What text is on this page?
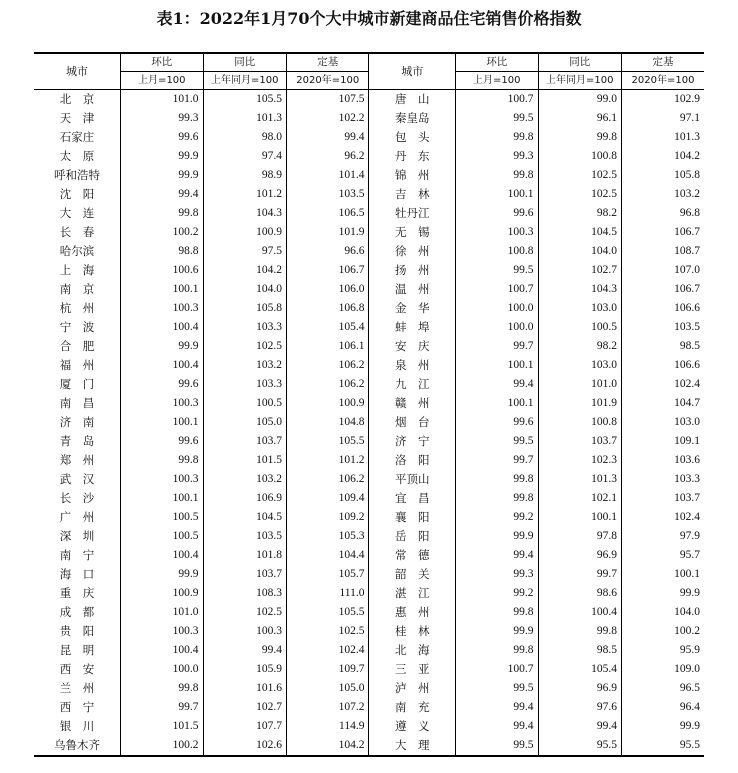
表1：2022年1月70个大中城市新建商品住宅销售价格指数
城市	环比	同比	定基	城市	环比	同比	定基
	上月=100	上年同月=100	2020年=100		上月=100	上年同月=100	2020年=100
北　京	101.0	105.5	107.5	唐　山	100.7	99.0	102.9
天　津	99.3	101.3	102.2	秦皇岛	99.5	96.1	97.1
石家庄	99.6	98.0	99.4	包　头	99.8	99.8	101.3
太　原	99.9	97.4	96.2	丹　东	99.3	100.8	104.2
呼和浩特	99.9	98.9	101.4	锦　州	99.8	102.5	105.8
沈　阳	99.4	101.2	103.5	吉　林	100.1	102.5	103.2
大　连	99.8	104.3	106.5	牡丹江	99.6	98.2	96.8
长　春	100.2	100.9	101.9	无　锡	100.3	104.5	106.7
哈尔滨	98.8	97.5	96.6	徐　州	100.8	104.0	108.7
上　海	100.6	104.2	106.7	扬　州	99.5	102.7	107.0
南　京	100.1	104.0	106.0	温　州	100.7	104.3	106.7
杭　州	100.3	105.8	106.8	金　华	100.0	103.0	106.6
宁　波	100.4	103.3	105.4	蚌　埠	100.0	100.5	103.5
合　肥	99.9	102.5	106.1	安　庆	99.7	98.2	98.5
福　州	100.4	103.2	106.2	泉　州	100.1	103.0	106.6
厦　门	99.6	103.3	106.2	九　江	99.4	101.0	102.4
南　昌	100.3	100.5	100.9	赣　州	100.1	101.9	104.7
济　南	100.1	105.0	104.8	烟　台	99.6	100.8	103.0
青　岛	99.6	103.7	105.5	济　宁	99.5	103.7	109.1
郑　州	99.8	101.5	101.2	洛　阳	99.7	102.3	103.6
武　汉	100.3	103.2	106.2	平顶山	99.8	101.3	103.3
长　沙	100.1	106.9	109.4	宜　昌	99.8	102.1	103.7
广　州	100.5	104.5	109.2	襄　阳	99.2	100.1	102.4
深　圳	100.5	103.5	105.3	岳　阳	99.9	97.8	97.9
南　宁	100.4	101.8	104.4	常　德	99.4	96.9	95.7
海　口	99.9	103.7	105.7	韶　关	99.3	99.7	100.1
重　庆	100.9	108.3	111.0	湛　江	99.2	98.6	99.9
成　都	101.0	102.5	105.5	惠　州	99.8	100.4	104.0
贵　阳	100.3	100.3	102.5	桂　林	99.9	99.8	100.2
昆　明	100.4	99.4	102.4	北　海	99.8	98.5	95.9
西　安	100.0	105.9	109.7	三　亚	100.7	105.4	109.0
兰　州	99.8	101.6	105.0	泸　州	99.5	96.9	96.5
西　宁	99.7	102.7	107.2	南　充	99.4	97.6	96.4
银　川	101.5	107.7	114.9	遵　义	99.4	99.4	99.9
乌鲁木齐	100.2	102.6	104.2	大　理	99.5	95.5	95.5
